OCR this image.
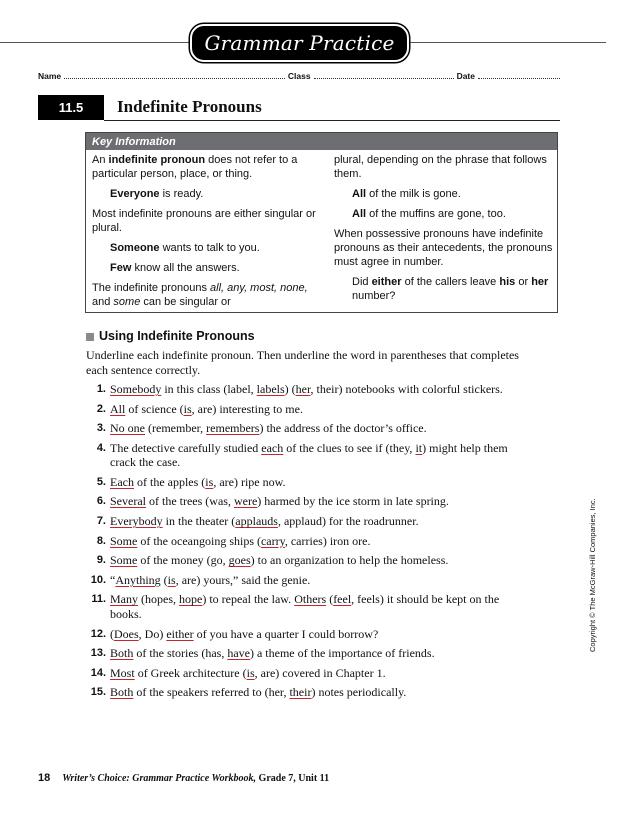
Grammar Practice
Name	Class	Date
11.5	Indefinite Pronouns
Key Information

An indefinite pronoun does not refer to a particular person, place, or thing.

Everyone is ready.

Most indefinite pronouns are either singular or plural.

Someone wants to talk to you.

Few know all the answers.

The indefinite pronouns all, any, most, none, and some can be singular or

plural, depending on the phrase that follows them.

All of the milk is gone.

All of the muffins are gone, too.

When possessive pronouns have indefinite pronouns as their antecedents, the pronouns must agree in number.

Did either of the callers leave his or her number?

Using Indefinite Pronouns
Underline each indefinite pronoun. Then underline the word in parentheses that completes each sentence correctly.
1. Somebody in this class (label, labels) (her, their) notebooks with colorful stickers.
2. All of science (is, are) interesting to me.
3. No one (remember, remembers) the address of the doctor’s office.
4. The detective carefully studied each of the clues to see if (they, it) might help them crack the case.
5. Each of the apples (is, are) ripe now.
6. Several of the trees (was, were) harmed by the ice storm in late spring.
7. Everybody in the theater (applauds, applaud) for the roadrunner.
8. Some of the oceangoing ships (carry, carries) iron ore.
9. Some of the money (go, goes) to an organization to help the homeless.
10. “Anything (is, are) yours,” said the genie.
11. Many (hopes, hope) to repeal the law. Others (feel, feels) it should be kept on the books.
12. (Does, Do) either of you have a quarter I could borrow?
13. Both of the stories (has, have) a theme of the importance of friends.
14. Most of Greek architecture (is, are) covered in Chapter 1.
15. Both of the speakers referred to (her, their) notes periodically.
Copyright © The McGraw-Hill Companies, Inc.
18 Writer’s Choice: Grammar Practice Workbook, Grade 7, Unit 11
